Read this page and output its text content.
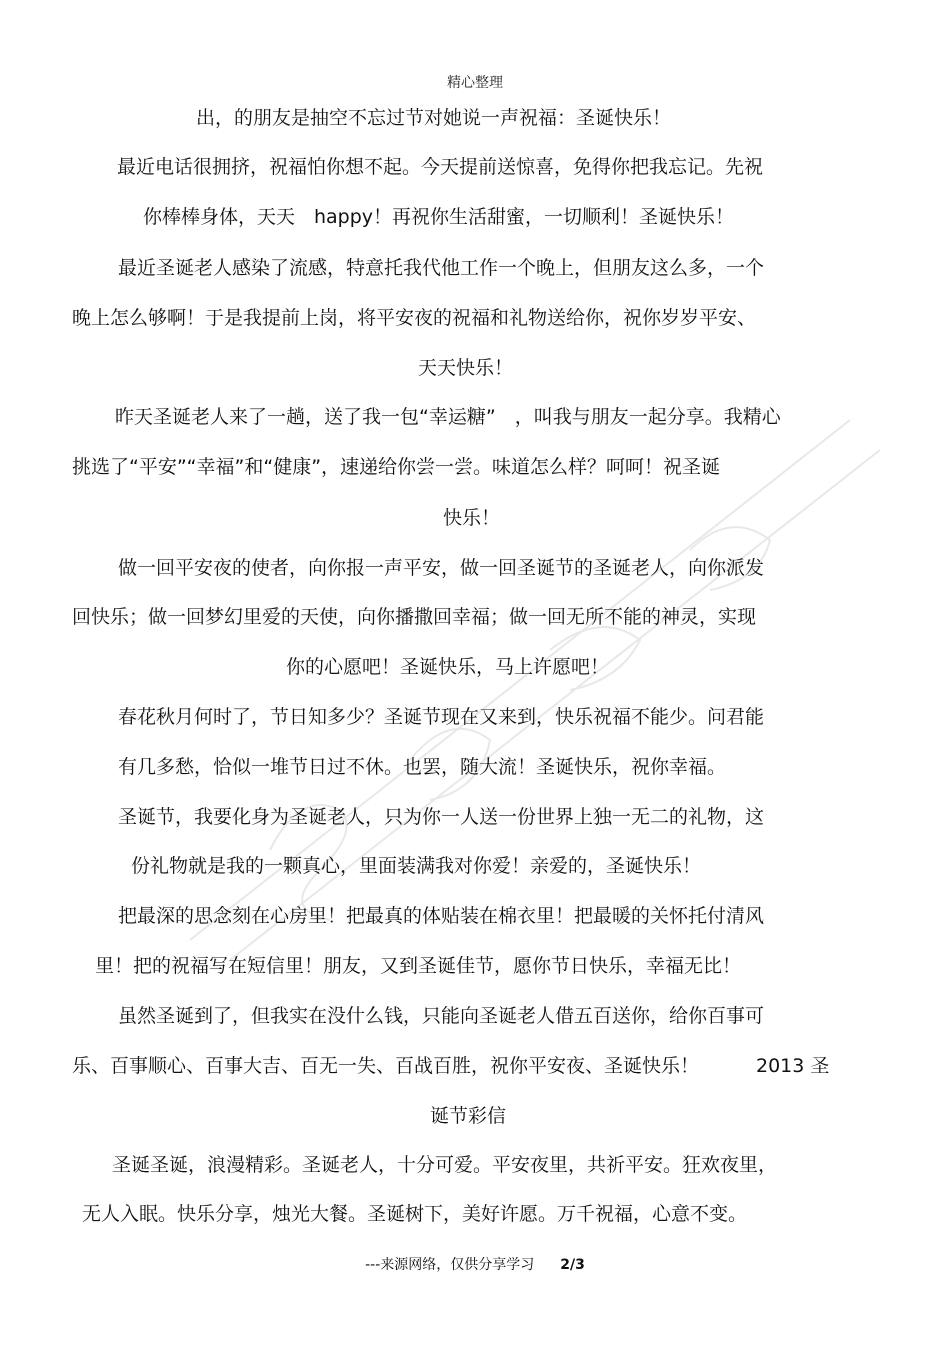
精心整理
出，的朋友是抽空不忘过节对她说一声祝福：圣诞快乐！
最近电话很拥挤，祝福怕你想不起。今天提前送惊喜，免得你把我忘记。先祝
你棒棒身体，天天　happy！再祝你生活甜蜜，一切顺利！圣诞快乐！
最近圣诞老人感染了流感，特意托我代他工作一个晚上，但朋友这么多，一个
晚上怎么够啊！于是我提前上岗，将平安夜的祝福和礼物送给你，祝你岁岁平安、
天天快乐！
昨天圣诞老人来了一趟，送了我一包“幸运糖”　，叫我与朋友一起分享。我精心
挑选了“平安”“幸福”和“健康”，速递给你尝一尝。味道怎么样？呵呵！祝圣诞
快乐！
做一回平安夜的使者，向你报一声平安，做一回圣诞节的圣诞老人，向你派发
回快乐；做一回梦幻里爱的天使，向你播撒回幸福；做一回无所不能的神灵，实现
你的心愿吧！圣诞快乐，马上许愿吧！
春花秋月何时了，节日知多少？圣诞节现在又来到，快乐祝福不能少。问君能
有几多愁，恰似一堆节日过不休。也罢，随大流！圣诞快乐，祝你幸福。
圣诞节，我要化身为圣诞老人，只为你一人送一份世界上独一无二的礼物，这
份礼物就是我的一颗真心，里面装满我对你爱！亲爱的，圣诞快乐！
把最深的思念刻在心房里！把最真的体贴装在棉衣里！把最暖的关怀托付清风
里！把的祝福写在短信里！朋友，又到圣诞佳节，愿你节日快乐，幸福无比！
虽然圣诞到了，但我实在没什么钱，只能向圣诞老人借五百送你，给你百事可
乐、百事顺心、百事大吉、百无一失、百战百胜，祝你平安夜、圣诞快乐！　　　2013 圣
诞节彩信
圣诞圣诞，浪漫精彩。圣诞老人，十分可爱。平安夜里，共祈平安。狂欢夜里，
无人入眠。快乐分享，烛光大餐。圣诞树下，美好许愿。万千祝福，心意不变。
---来源网络，仅供分享学习 2/3
